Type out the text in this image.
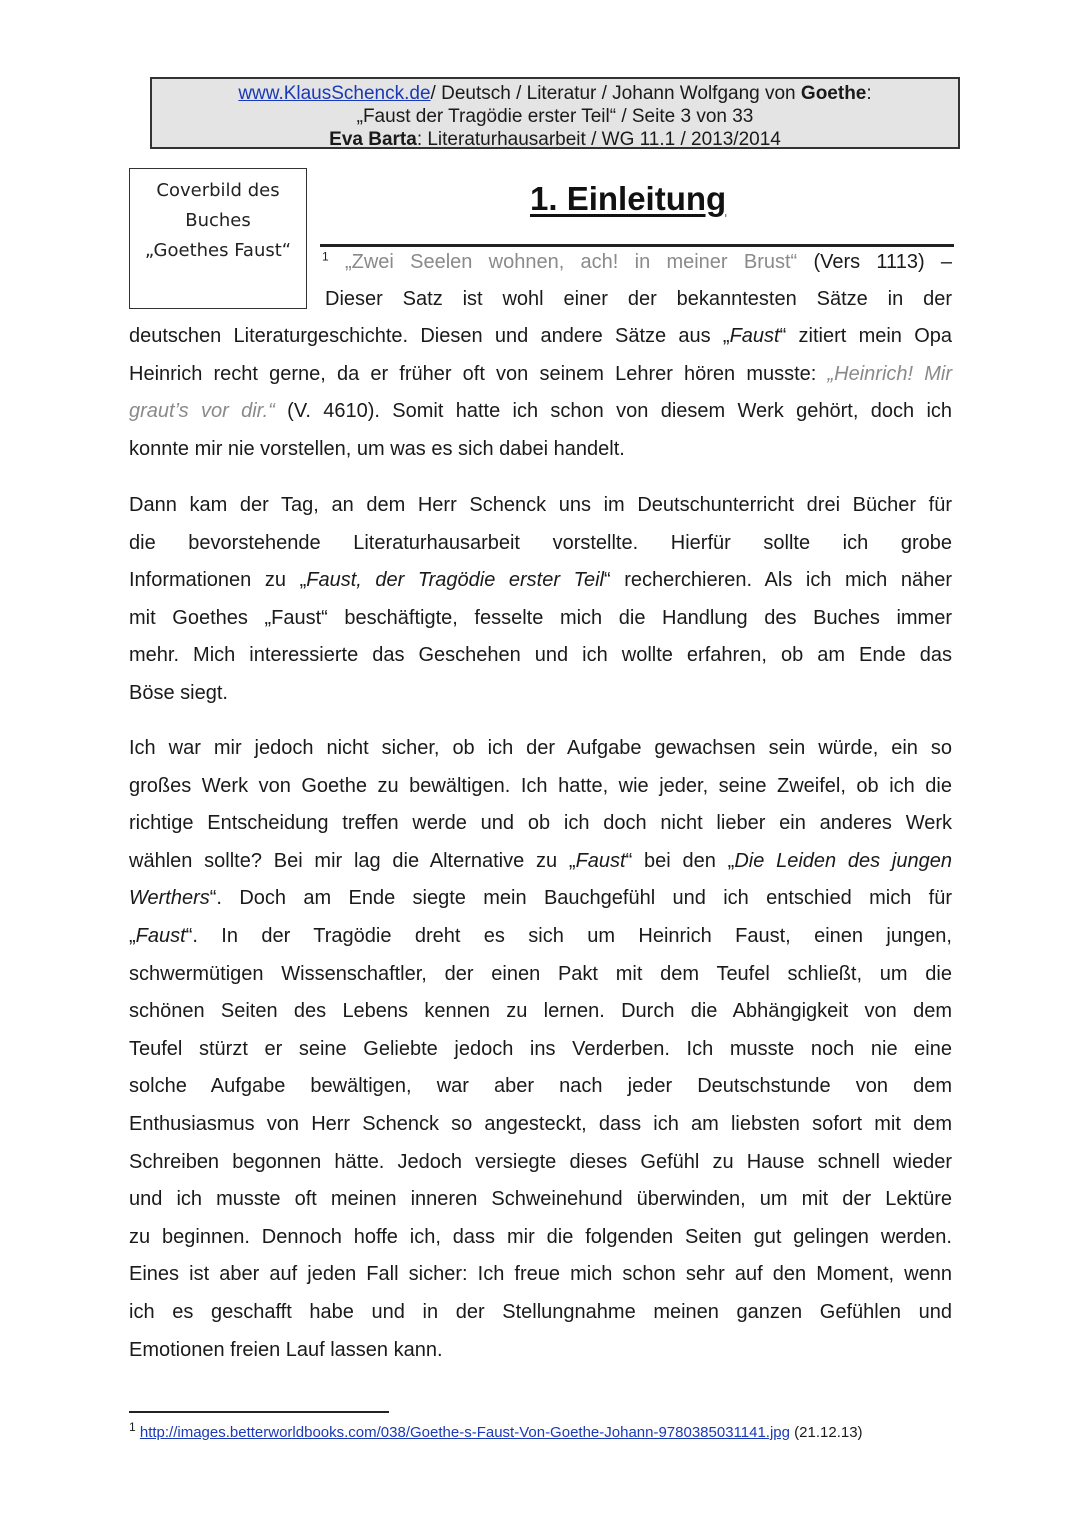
www.KlausSchenck.de/ Deutsch / Literatur / Johann Wolfgang von Goethe:
„Faust der Tragödie erster Teil“ / Seite 3 von 33
Eva Barta: Literaturhausarbeit / WG 11.1 / 2013/2014
Coverbild des
Buches
„Goethes Faust“
1. Einleitung
$^1$ „Zwei Seelen wohnen, ach! in meiner Brust“ (Vers 1113) –
Dieser Satz ist wohl einer der bekanntesten Sätze in der
deutschen Literaturgeschichte. Diesen und andere Sätze aus „Faust“ zitiert mein Opa
Heinrich recht gerne, da er früher oft von seinem Lehrer hören musste: „Heinrich! Mir
graut’s vor dir.“ (V. 4610). Somit hatte ich schon von diesem Werk gehört, doch ich
konnte mir nie vorstellen, um was es sich dabei handelt.
Dann kam der Tag, an dem Herr Schenck uns im Deutschunterricht drei Bücher für
die bevorstehende Literaturhausarbeit vorstellte. Hierfür sollte ich grobe
Informationen zu „Faust, der Tragödie erster Teil“ recherchieren. Als ich mich näher
mit Goethes „Faust“ beschäftigte, fesselte mich die Handlung des Buches immer
mehr. Mich interessierte das Geschehen und ich wollte erfahren, ob am Ende das
Böse siegt.
Ich war mir jedoch nicht sicher, ob ich der Aufgabe gewachsen sein würde, ein so
großes Werk von Goethe zu bewältigen. Ich hatte, wie jeder, seine Zweifel, ob ich die
richtige Entscheidung treffen werde und ob ich doch nicht lieber ein anderes Werk
wählen sollte? Bei mir lag die Alternative zu „Faust“ bei den „Die Leiden des jungen
Werthers“. Doch am Ende siegte mein Bauchgefühl und ich entschied mich für
„Faust“. In der Tragödie dreht es sich um Heinrich Faust, einen jungen,
schwermütigen Wissenschaftler, der einen Pakt mit dem Teufel schließt, um die
schönen Seiten des Lebens kennen zu lernen. Durch die Abhängigkeit von dem
Teufel stürzt er seine Geliebte jedoch ins Verderben. Ich musste noch nie eine
solche Aufgabe bewältigen, war aber nach jeder Deutschstunde von dem
Enthusiasmus von Herr Schenck so angesteckt, dass ich am liebsten sofort mit dem
Schreiben begonnen hätte. Jedoch versiegte dieses Gefühl zu Hause schnell wieder
und ich musste oft meinen inneren Schweinehund überwinden, um mit der Lektüre
zu beginnen. Dennoch hoffe ich, dass mir die folgenden Seiten gut gelingen werden.
Eines ist aber auf jeden Fall sicher: Ich freue mich schon sehr auf den Moment, wenn
ich es geschafft habe und in der Stellungnahme meinen ganzen Gefühlen und
Emotionen freien Lauf lassen kann.
$^1$ http://images.betterworldbooks.com/038/Goethe-s-Faust-Von-Goethe-Johann-9780385031141.jpg (21.12.13)
